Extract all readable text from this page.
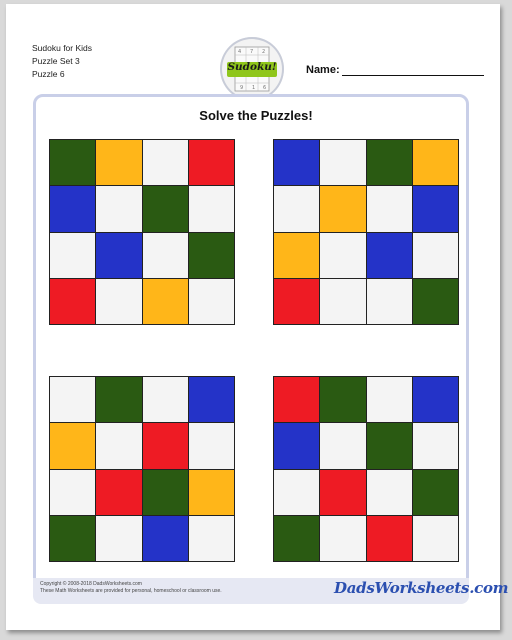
Sudoku for Kids
Puzzle Set 3
Puzzle 6
4 7 2
9 1 6
Sudoku!	Name:
Solve the Puzzles!
Copyright © 2008-2018 DadsWorksheets.com
These Math Worksheets are provided for personal, homeschool or classroom use.	DadsWorksheets.com
